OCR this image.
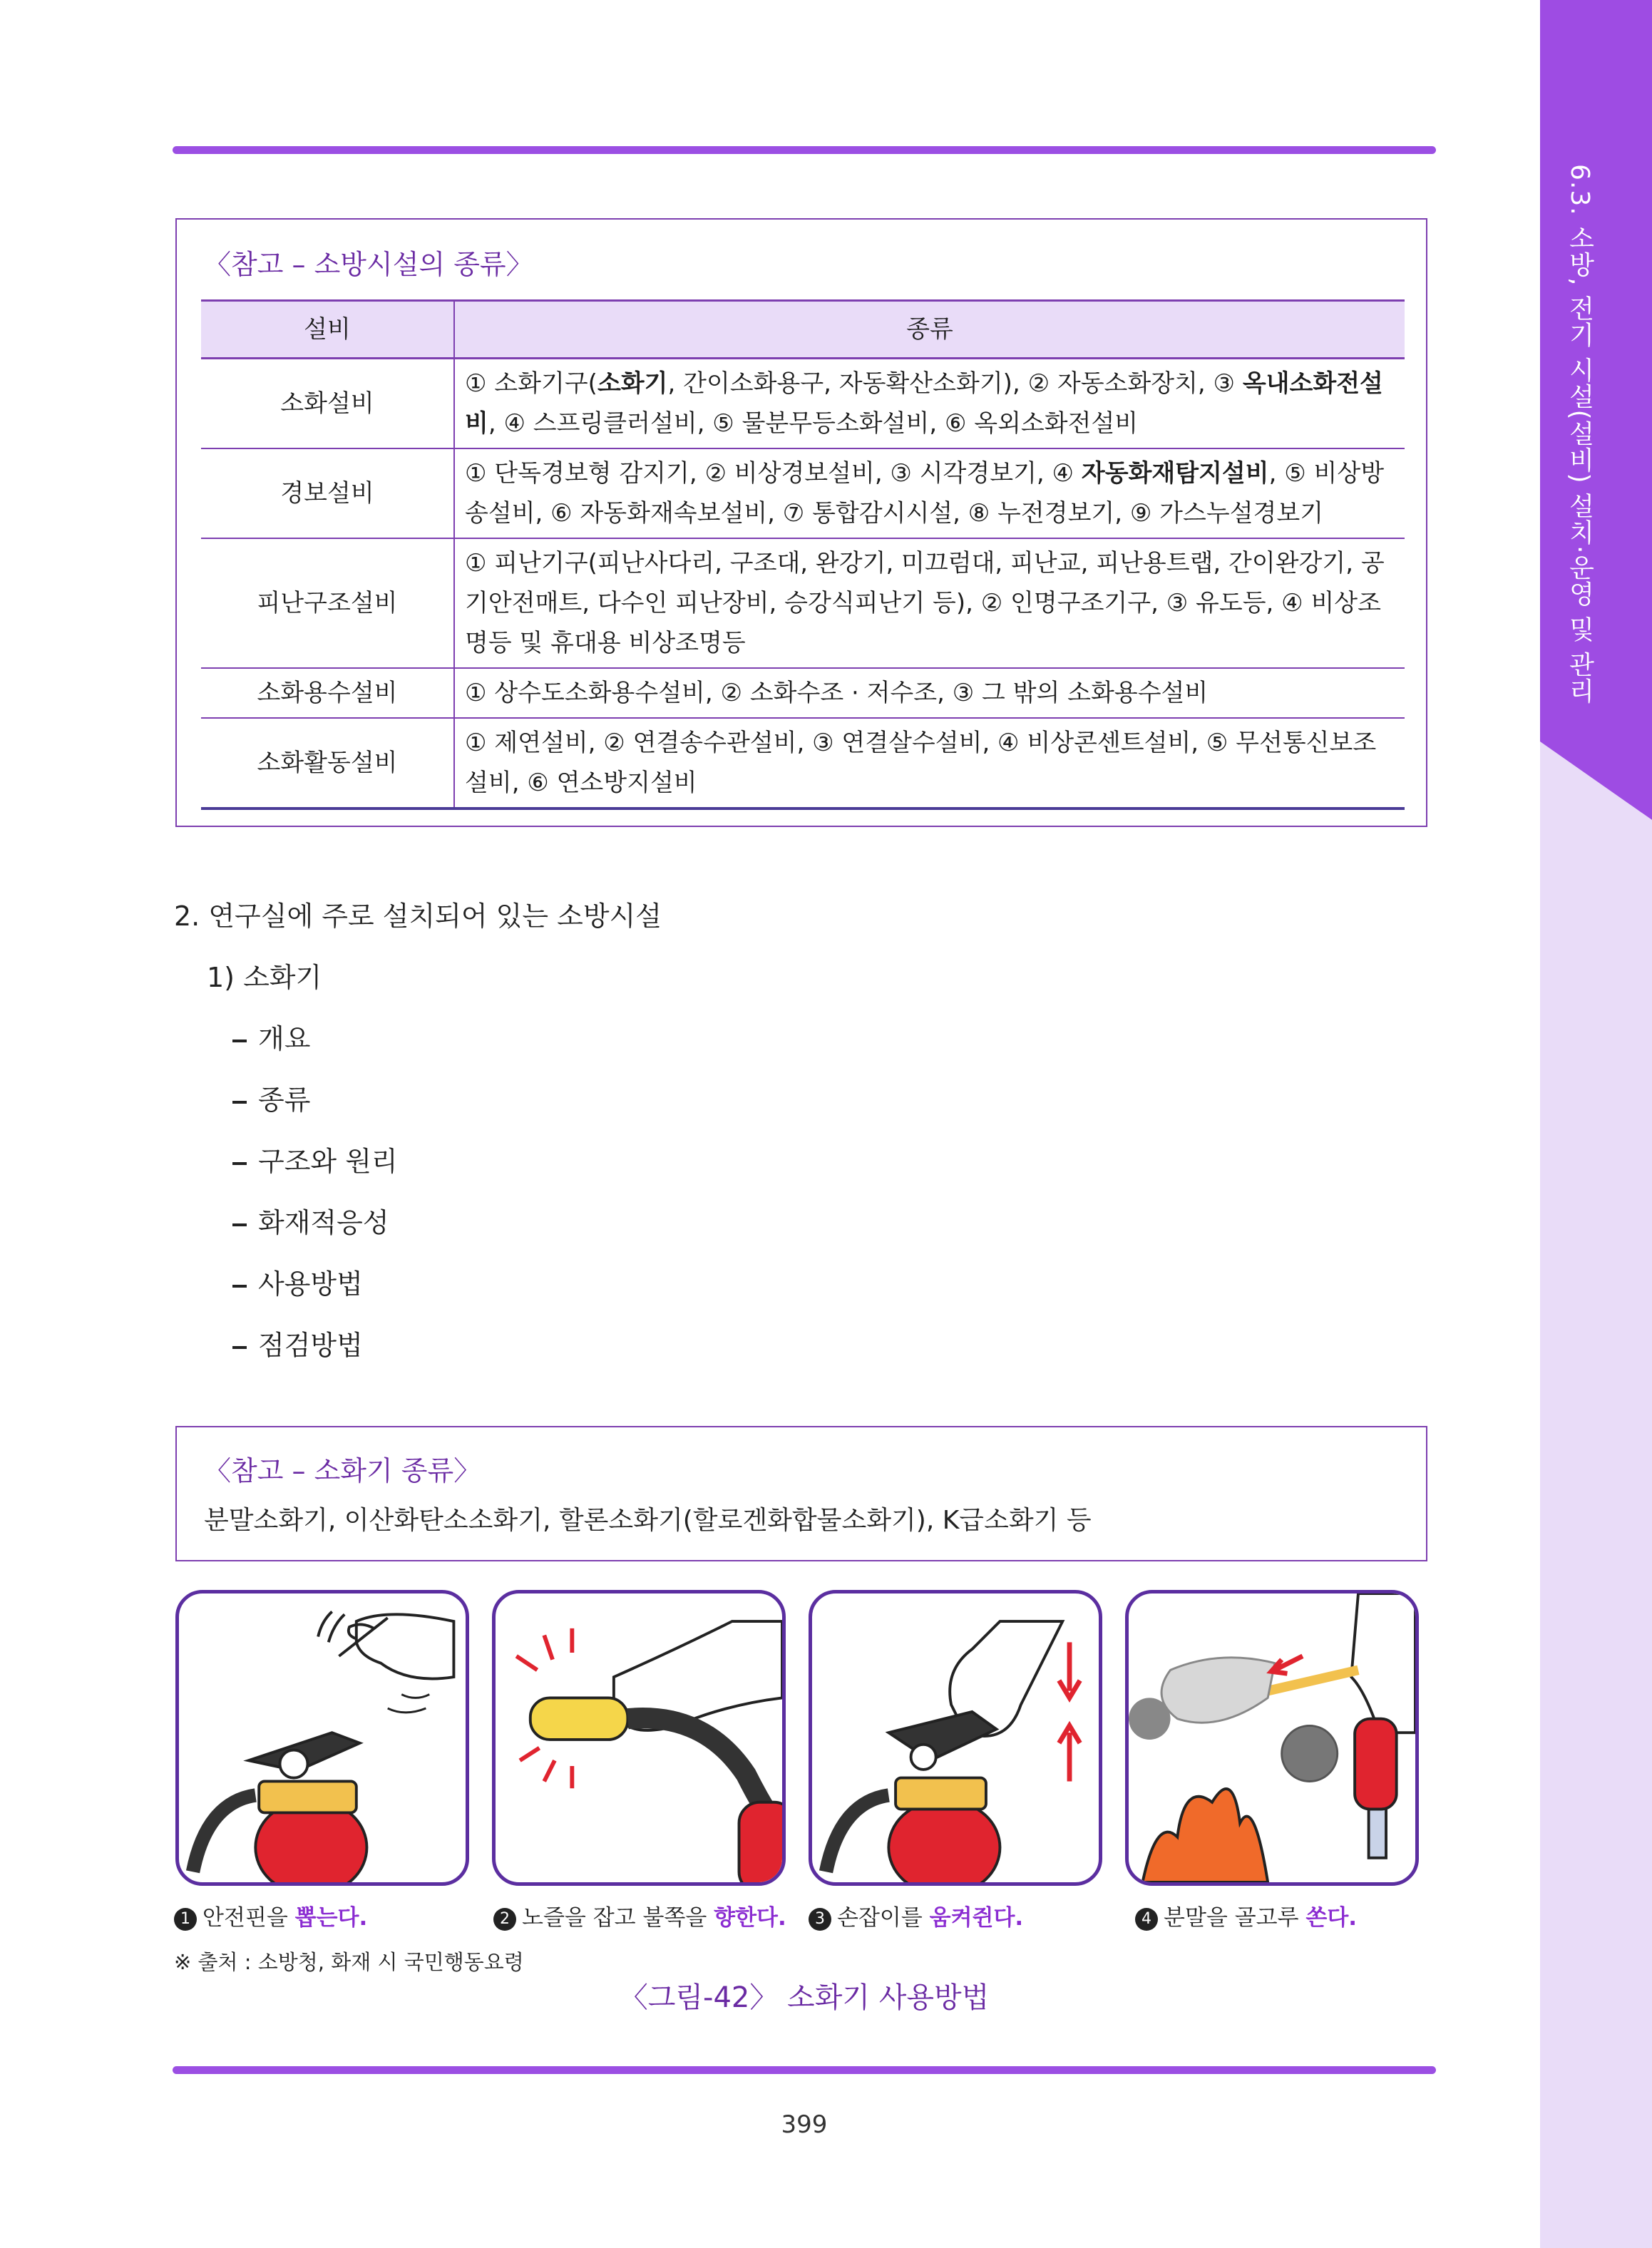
6.3. 소방, 전기 시설(설비) 설치·운영 및 관리
〈참고 – 소방시설의 종류〉
설비	종류
소화설비	① 소화기구(소화기, 간이소화용구, 자동확산소화기), ② 자동소화장치, ③ 옥내소화전설비, ④ 스프링클러설비, ⑤ 물분무등소화설비, ⑥ 옥외소화전설비
경보설비	① 단독경보형 감지기, ② 비상경보설비, ③ 시각경보기, ④ 자동화재탐지설비, ⑤ 비상방송설비, ⑥ 자동화재속보설비, ⑦ 통합감시시설, ⑧ 누전경보기, ⑨ 가스누설경보기
피난구조설비	① 피난기구(피난사다리, 구조대, 완강기, 미끄럼대, 피난교, 피난용트랩, 간이완강기, 공기안전매트, 다수인 피난장비, 승강식피난기 등), ② 인명구조기구, ③ 유도등, ④ 비상조명등 및 휴대용 비상조명등
소화용수설비	① 상수도소화용수설비, ② 소화수조 · 저수조, ③ 그 밖의 소화용수설비
소화활동설비	① 제연설비, ② 연결송수관설비, ③ 연결살수설비, ④ 비상콘센트설비, ⑤ 무선통신보조설비, ⑥ 연소방지설비
2. 연구실에 주로 설치되어 있는 소방시설
1) 소화기
개요
종류
구조와 원리
화재적응성
사용방법
점검방법
〈참고 – 소화기 종류〉
분말소화기, 이산화탄소소화기, 할론소화기(할로겐화합물소화기), K급소화기 등
1 안전핀을 뽑는다.	2 노즐을 잡고 불쪽을 향한다.	3 손잡이를 움켜쥔다.	4 분말을 골고루 쏜다.
※ 출처 : 소방청, 화재 시 국민행동요령
〈그림-42〉 소화기 사용방법
399
